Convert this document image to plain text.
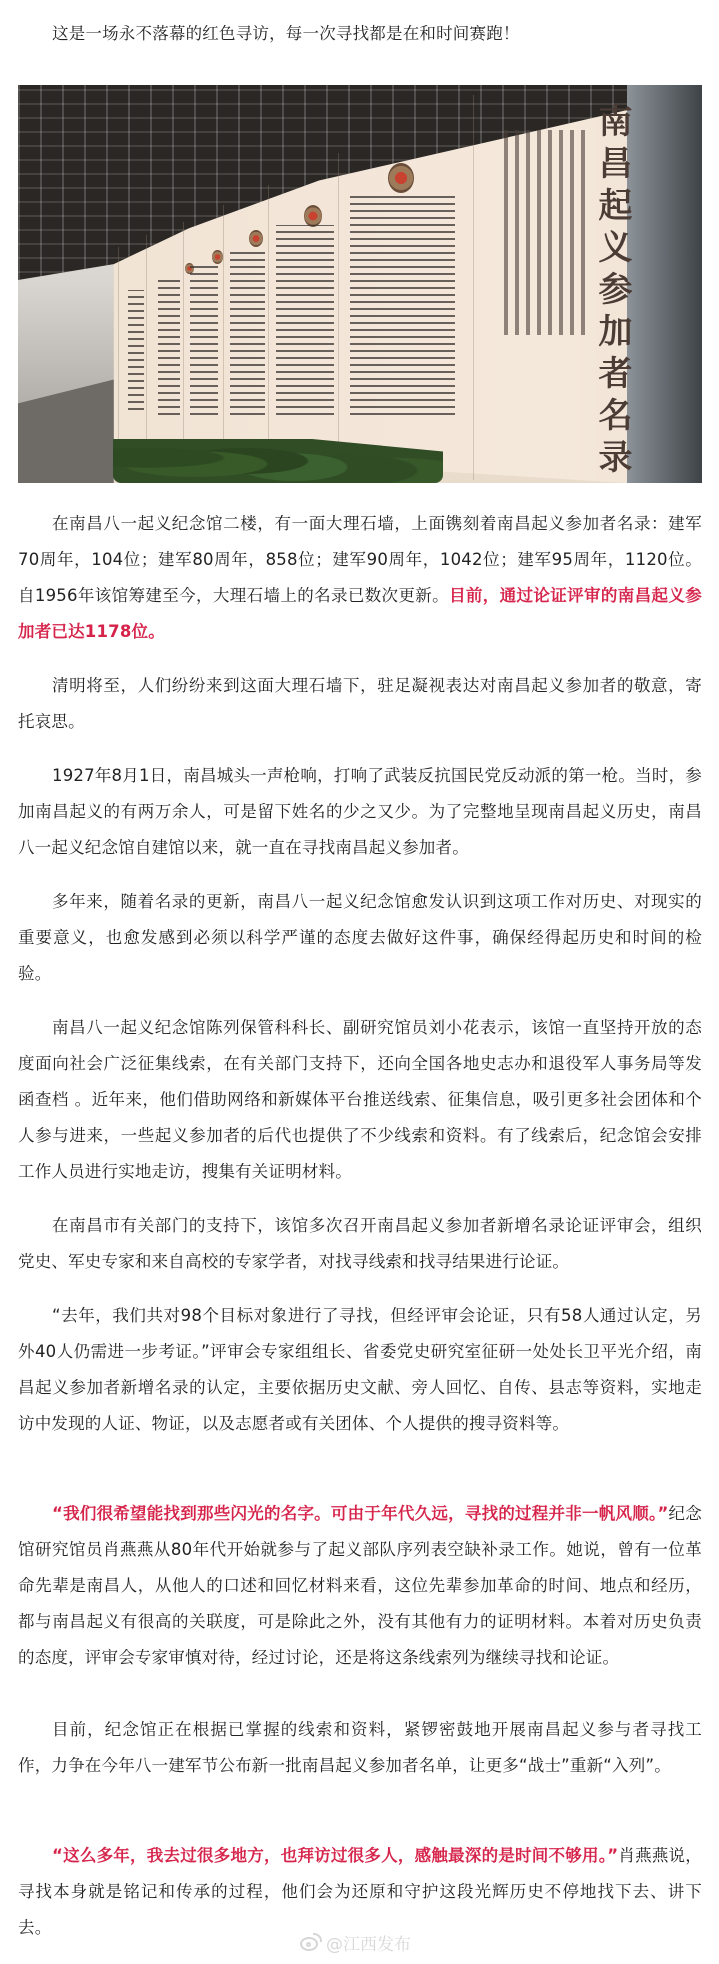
这是一场永不落幕的红色寻访，每一次寻找都是在和时间赛跑！

南昌起义参加者名录

在南昌八一起义纪念馆二楼，有一面大理石墙，上面镌刻着南昌起义参加者名录：建军70周年，104位；建军80周年，858位；建军90周年，1042位；建军95周年，1120位。自1956年该馆筹建至今，大理石墙上的名录已数次更新。目前，通过论证评审的南昌起义参加者已达1178位。

清明将至，人们纷纷来到这面大理石墙下，驻足凝视表达对南昌起义参加者的敬意，寄托哀思。

1927年8月1日，南昌城头一声枪响，打响了武装反抗国民党反动派的第一枪。当时，参加南昌起义的有两万余人，可是留下姓名的少之又少。为了完整地呈现南昌起义历史，南昌八一起义纪念馆自建馆以来，就一直在寻找南昌起义参加者。

多年来，随着名录的更新，南昌八一起义纪念馆愈发认识到这项工作对历史、对现实的重要意义，也愈发感到必须以科学严谨的态度去做好这件事，确保经得起历史和时间的检验。

南昌八一起义纪念馆陈列保管科科长、副研究馆员刘小花表示，该馆一直坚持开放的态度面向社会广泛征集线索，在有关部门支持下，还向全国各地史志办和退役军人事务局等发函查档 。近年来，他们借助网络和新媒体平台推送线索、征集信息，吸引更多社会团体和个人参与进来，一些起义参加者的后代也提供了不少线索和资料。有了线索后，纪念馆会安排工作人员进行实地走访，搜集有关证明材料。

在南昌市有关部门的支持下，该馆多次召开南昌起义参加者新增名录论证评审会，组织党史、军史专家和来自高校的专家学者，对找寻线索和找寻结果进行论证。

“去年，我们共对98个目标对象进行了寻找，但经评审会论证，只有58人通过认定，另外40人仍需进一步考证。”评审会专家组组长、省委党史研究室征研一处处长卫平光介绍，南昌起义参加者新增名录的认定，主要依据历史文献、旁人回忆、自传、县志等资料，实地走访中发现的人证、物证，以及志愿者或有关团体、个人提供的搜寻资料等。

“我们很希望能找到那些闪光的名字。可由于年代久远，寻找的过程并非一帆风顺。”纪念馆研究馆员肖燕燕从80年代开始就参与了起义部队序列表空缺补录工作。她说，曾有一位革命先辈是南昌人，从他人的口述和回忆材料来看，这位先辈参加革命的时间、地点和经历，都与南昌起义有很高的关联度，可是除此之外，没有其他有力的证明材料。本着对历史负责的态度，评审会专家审慎对待，经过讨论，还是将这条线索列为继续寻找和论证。

目前，纪念馆正在根据已掌握的线索和资料，紧锣密鼓地开展南昌起义参与者寻找工作，力争在今年八一建军节公布新一批南昌起义参加者名单，让更多“战士”重新“入列”。

“这么多年，我去过很多地方，也拜访过很多人，感触最深的是时间不够用。”肖燕燕说，寻找本身就是铭记和传承的过程，他们会为还原和守护这段光辉历史不停地找下去、讲下去。

@江西发布
